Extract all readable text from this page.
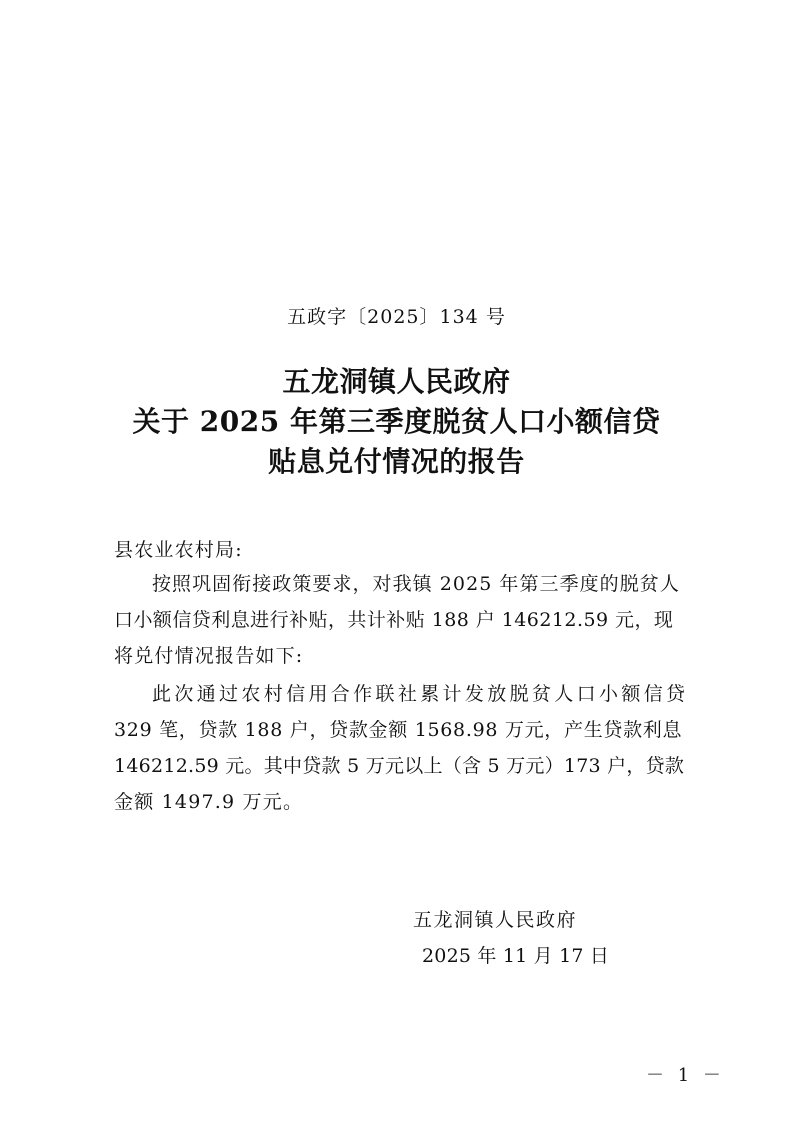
五政字〔2025〕134 号
五龙洞镇人民政府
关于 2025 年第三季度脱贫人口小额信贷
贴息兑付情况的报告
县农业农村局:
按照巩固衔接政策要求，对我镇 2025 年第三季度的脱贫人
口小额信贷利息进行补贴，共计补贴 188 户 146212.59 元，现
将兑付情况报告如下:
此次通过农村信用合作联社累计发放脱贫人口小额信贷
329 笔，贷款 188 户，贷款金额 1568.98 万元，产生贷款利息
146212.59 元。其中贷款 5 万元以上（含 5 万元）173 户，贷款
金额 1497.9 万元。
五龙洞镇人民政府
2025 年 11 月 17 日
－ 1 －
